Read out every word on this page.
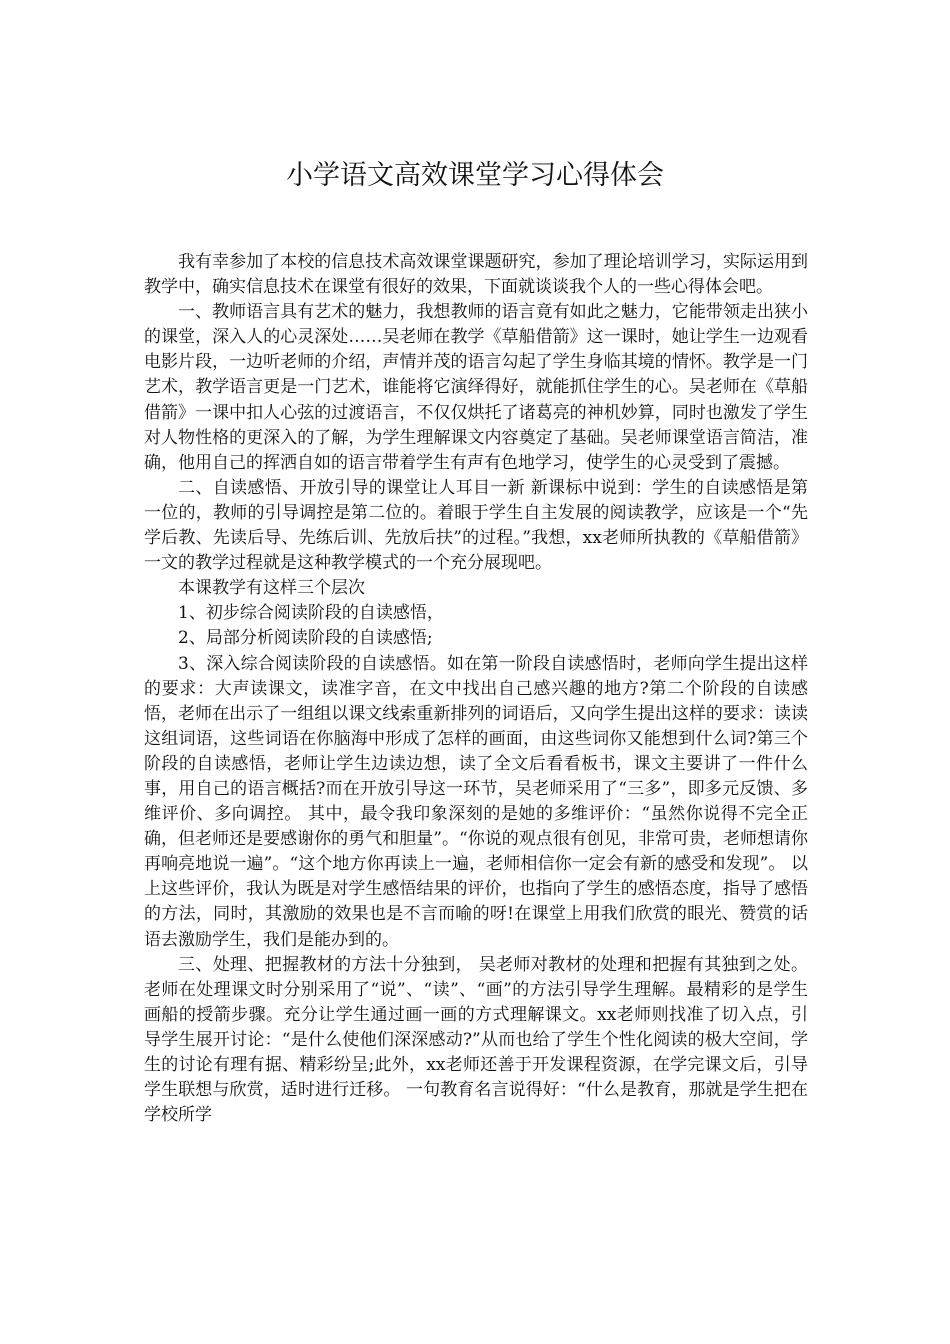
小学语文高效课堂学习心得体会

我有幸参加了本校的信息技术高效课堂课题研究，参加了理论培训学习，实际运用到教学中，确实信息技术在课堂有很好的效果，下面就谈谈我个人的一些心得体会吧。

一、教师语言具有艺术的魅力，我想教师的语言竟有如此之魅力，它能带领走出狭小的课堂，深入人的心灵深处……吴老师在教学《草船借箭》这一课时，她让学生一边观看电影片段，一边听老师的介绍，声情并茂的语言勾起了学生身临其境的情怀。教学是一门艺术，教学语言更是一门艺术，谁能将它演绎得好，就能抓住学生的心。吴老师在《草船借箭》一课中扣人心弦的过渡语言，不仅仅烘托了诸葛亮的神机妙算，同时也激发了学生对人物性格的更深入的了解，为学生理解课文内容奠定了基础。吴老师课堂语言简洁，准确，他用自己的挥洒自如的语言带着学生有声有色地学习，使学生的心灵受到了震撼。

二、自读感悟、开放引导的课堂让人耳目一新 新课标中说到：学生的自读感悟是第一位的，教师的引导调控是第二位的。着眼于学生自主发展的阅读教学，应该是一个“先学后教、先读后导、先练后训、先放后扶”的过程。”我想，xx老师所执教的《草船借箭》一文的教学过程就是这种教学模式的一个充分展现吧。

本课教学有这样三个层次

1、初步综合阅读阶段的自读感悟，

2、局部分析阅读阶段的自读感悟;

3、深入综合阅读阶段的自读感悟。如在第一阶段自读感悟时，老师向学生提出这样的要求：大声读课文，读准字音，在文中找出自己感兴趣的地方?第二个阶段的自读感悟，老师在出示了一组组以课文线索重新排列的词语后，又向学生提出这样的要求：读读这组词语，这些词语在你脑海中形成了怎样的画面，由这些词你又能想到什么词?第三个阶段的自读感悟，老师让学生边读边想，读了全文后看看板书，课文主要讲了一件什么事，用自己的语言概括?而在开放引导这一环节，吴老师采用了“三多”，即多元反馈、多维评价、多向调控。 其中，最令我印象深刻的是她的多维评价：“虽然你说得不完全正确，但老师还是要感谢你的勇气和胆量”。“你说的观点很有创见，非常可贵，老师想请你再响亮地说一遍”。“这个地方你再读上一遍，老师相信你一定会有新的感受和发现”。 以上这些评价，我认为既是对学生感悟结果的评价，也指向了学生的感悟态度，指导了感悟的方法，同时，其激励的效果也是不言而喻的呀!在课堂上用我们欣赏的眼光、赞赏的话语去激励学生，我们是能办到的。

三、处理、把握教材的方法十分独到， 吴老师对教材的处理和把握有其独到之处。老师在处理课文时分别采用了“说”、“读”、“画”的方法引导学生理解。最精彩的是学生画船的授箭步骤。充分让学生通过画一画的方式理解课文。xx老师则找准了切入点，引导学生展开讨论：“是什么使他们深深感动?”从而也给了学生个性化阅读的极大空间，学生的讨论有理有据、精彩纷呈;此外，xx老师还善于开发课程资源，在学完课文后，引导学生联想与欣赏，适时进行迁移。 一句教育名言说得好：“什么是教育，那就是学生把在学校所学
